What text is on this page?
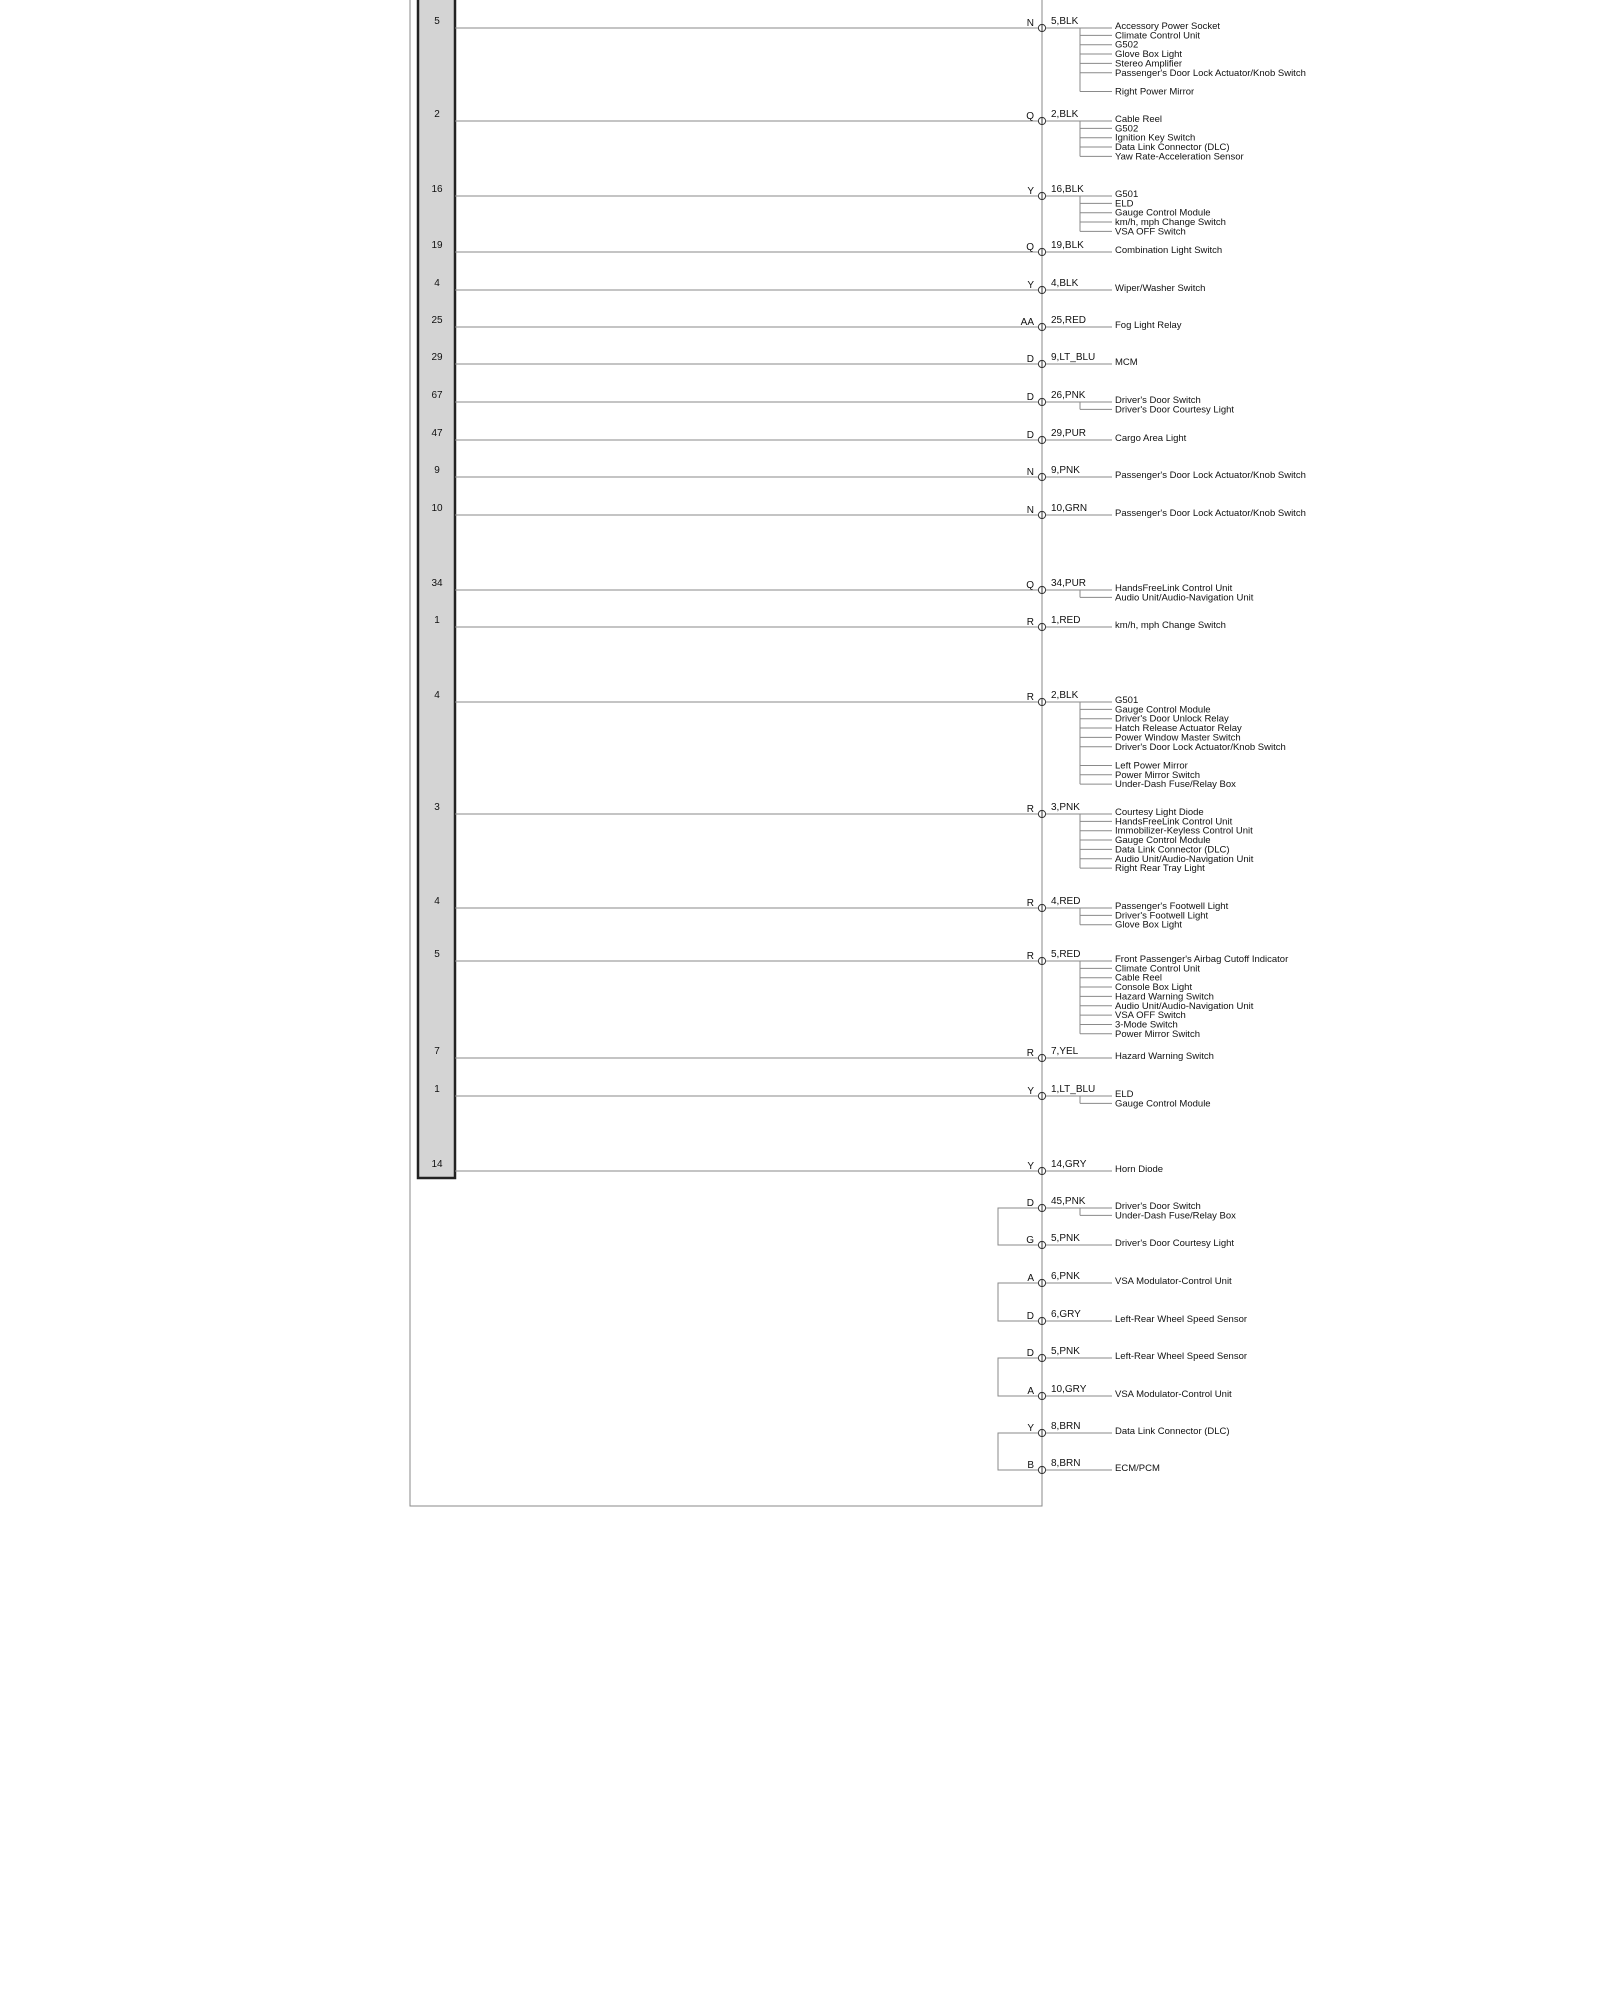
5	N 5,BLK	Accessory Power Socket
Climate Control Unit
G502
Glove Box Light
Stereo Amplifier
Passenger's Door Lock Actuator/Knob Switch
Right Power Mirror
2	Q 2,BLK	Cable Reel
G502
Ignition Key Switch
Data Link Connector (DLC)
Yaw Rate-Acceleration Sensor
16	Y 16,BLK	G501
ELD
Gauge Control Module
km/h, mph Change Switch
VSA OFF Switch
19	Q 19,BLK	Combination Light Switch
4	Y 4,BLK	Wiper/Washer Switch
25	AA 25,RED	Fog Light Relay
29	D 9,LT_BLU MCM
67	D 26,PNK	Driver's Door Switch
Driver's Door Courtesy Light
47	D 29,PUR	Cargo Area Light
9	N 9,PNK	Passenger's Door Lock Actuator/Knob Switch
10	N 10,GRN	Passenger's Door Lock Actuator/Knob Switch
34	Q 34,PUR	HandsFreeLink Control Unit
Audio Unit/Audio-Navigation Unit
1	R 1,RED	km/h, mph Change Switch
4	R 2,BLK	G501
Gauge Control Module
Driver's Door Unlock Relay
Hatch Release Actuator Relay
Power Window Master Switch
Driver's Door Lock Actuator/Knob Switch
Left Power Mirror
Power Mirror Switch
Under-Dash Fuse/Relay Box
3	R 3,PNK	Courtesy Light Diode
HandsFreeLink Control Unit
Immobilizer-Keyless Control Unit
Gauge Control Module
Data Link Connector (DLC)
Audio Unit/Audio-Navigation Unit
Right Rear Tray Light
4	R 4,RED	Passenger's Footwell Light
Driver's Footwell Light
Glove Box Light
5	R 5,RED	Front Passenger's Airbag Cutoff Indicator
Climate Control Unit
Cable Reel
Console Box Light
Hazard Warning Switch
Audio Unit/Audio-Navigation Unit
VSA OFF Switch
3-Mode Switch
Power Mirror Switch
7	R 7,YEL	Hazard Warning Switch
1	Y 1,LT_BLU ELD
Gauge Control Module
14	Y 14,GRY	Horn Diode
D 45,PNK	Driver's Door Switch
Under-Dash Fuse/Relay Box
G 5,PNK	Driver's Door Courtesy Light
A 6,PNK	VSA Modulator-Control Unit
D 6,GRY	Left-Rear Wheel Speed Sensor
D 5,PNK	Left-Rear Wheel Speed Sensor
A 10,GRY	VSA Modulator-Control Unit
Y 8,BRN	Data Link Connector (DLC)
B 8,BRN	ECM/PCM
